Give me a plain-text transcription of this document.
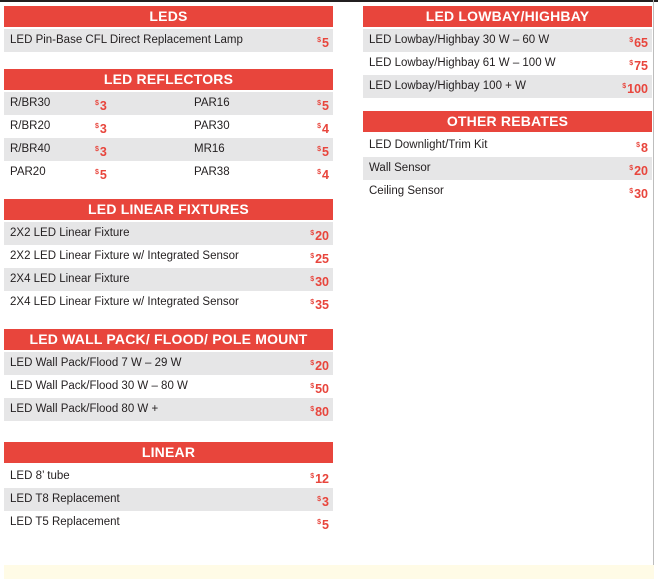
LEDS
LED Pin-Base CFL Direct Replacement Lamp	$5
LED REFLECTORS
R/BR30	$3	PAR16	$5
R/BR20	$3	PAR30	$4
R/BR40	$3	MR16	$5
PAR20	$5	PAR38	$4
LED LINEAR FIXTURES
2X2 LED Linear Fixture	$20
2X2 LED Linear Fixture w/ Integrated Sensor	$25
2X4 LED Linear Fixture	$30
2X4 LED Linear Fixture w/ Integrated Sensor	$35
LED WALL PACK/ FLOOD/ POLE MOUNT
LED Wall Pack/Flood 7 W – 29 W	$20
LED Wall Pack/Flood 30 W – 80 W	$50
LED Wall Pack/Flood 80 W +	$80
LINEAR
LED 8’ tube	$12
LED T8 Replacement	$3
LED T5 Replacement	$5
LED LOWBAY/HIGHBAY
LED Lowbay/Highbay 30 W – 60 W	$65
LED Lowbay/Highbay 61 W – 100 W	$75
LED Lowbay/Highbay 100 + W	$100
OTHER REBATES
LED Downlight/Trim Kit	$8
Wall Sensor	$20
Ceiling Sensor	$30
